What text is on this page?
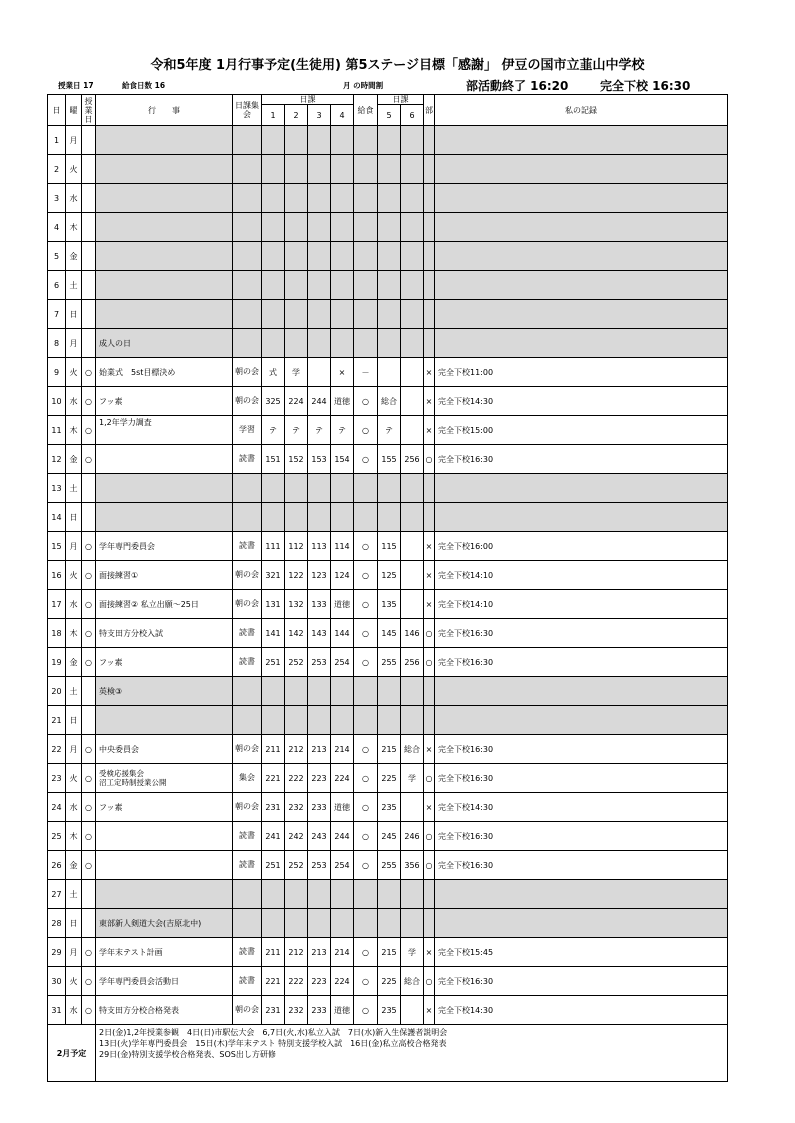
令和5年度 1月行事予定(生徒用) 第5ステージ目標「感謝」 伊豆の国市立韮山中学校
授業日 17	給食日数 16	月 の時間割	部活動終了 16:20	完全下校 16:30
日	曜	授業日	行　　事	日課集会	日課				給食	日課		部	私の記録
					1	2	3	4		5	6		
1	月												
2	火												
3	水												
4	木												
5	金												
6	土												
7	日												
8	月		成人の日										
9	火	○	始業式　5st目標決め	朝の会	式	学		×	－			×	完全下校11:00
10	水	○	フッ素	朝の会	325	224	244	道徳	○	総合		×	完全下校14:30
11	木	○	1,2年学力調査	学習	テ	テ	テ	テ	○	テ		×	完全下校15:00
12	金	○		読書	151	152	153	154	○	155	256	○	完全下校16:30
13	土												
14	日												
15	月	○	学年専門委員会	読書	111	112	113	114	○	115		×	完全下校16:00
16	火	○	面接練習①	朝の会	321	122	123	124	○	125		×	完全下校14:10
17	水	○	面接練習② 私立出願～25日	朝の会	131	132	133	道徳	○	135		×	完全下校14:10
18	木	○	特支田方分校入試	読書	141	142	143	144	○	145	146	○	完全下校16:30
19	金	○	フッ素	読書	251	252	253	254	○	255	256	○	完全下校16:30
20	土		英検③										
21	日												
22	月	○	中央委員会	朝の会	211	212	213	214	○	215	総合	×	完全下校16:30
23	火	○	受検応援集会
沼工定時制授業公開	集会	221	222	223	224	○	225	学	○	完全下校16:30
24	水	○	フッ素	朝の会	231	232	233	道徳	○	235		×	完全下校14:30
25	木	○		読書	241	242	243	244	○	245	246	○	完全下校16:30
26	金	○		読書	251	252	253	254	○	255	356	○	完全下校16:30
27	土												
28	日		東部新人剣道大会(吉原北中)										
29	月	○	学年末テスト計画	読書	211	212	213	214	○	215	学	×	完全下校15:45
30	火	○	学年専門委員会活動日	読書	221	222	223	224	○	225	総合	○	完全下校16:30
31	水	○	特支田方分校合格発表	朝の会	231	232	233	道徳	○	235		×	完全下校14:30
2月予定			2日(金)1,2年授業参観　4日(日)市駅伝大会　6,7日(火,水)私立入試　7日(水)新入生保護者説明会
13日(火)学年専門委員会　15日(木)学年末テスト 特別支援学校入試　16日(金)私立高校合格発表
29日(金)特別支援学校合格発表、SOS出し方研修										
